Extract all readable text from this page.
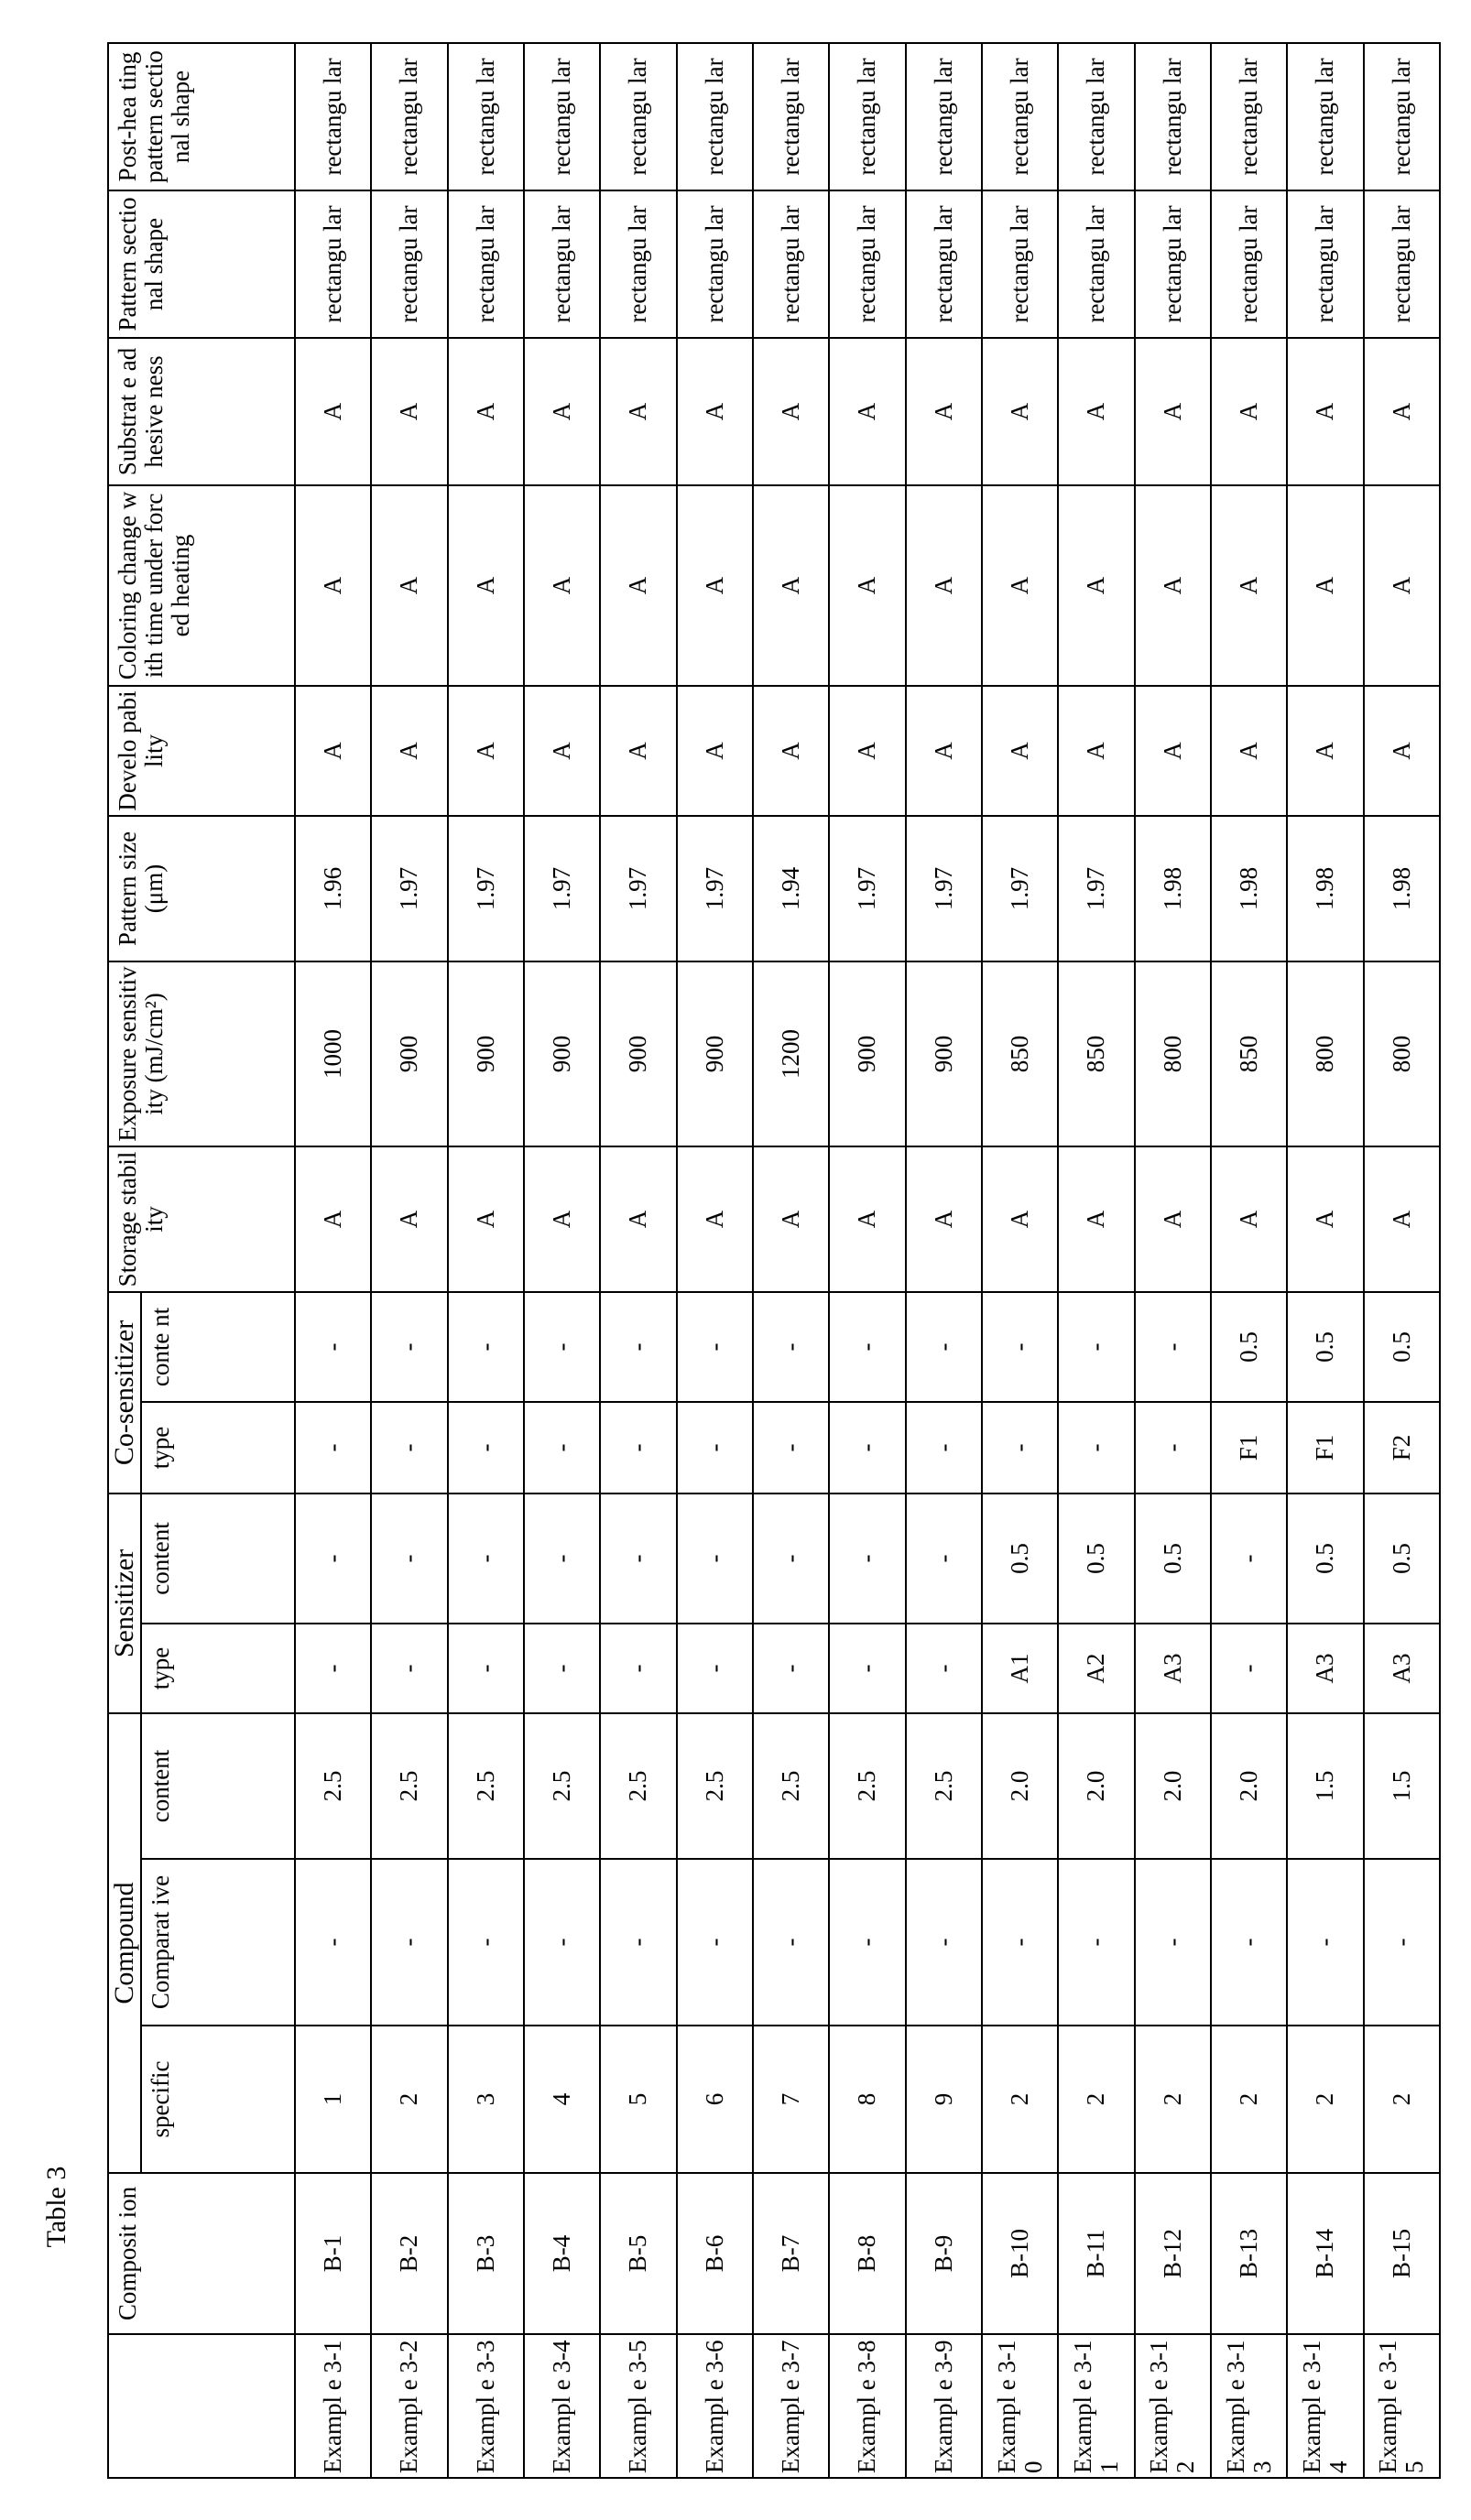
Table 3
	Composit ion	Compound	Sensitizer	Co-sensitizer	Storage stability	Exposure sensitivity (mJ/cm²)	Pattern size (μm)	Develo pability	Coloring change with time under forced heating	Substrat e adhesive ness	Pattern sectional shape	Post-hea ting pattern sectional shape
specific	Comparat ive	content	type	content	type	conte nt
Exampl e 3-1	B-1	1	-	2.5	-	-	-	-	A	1000	1.96	A	A	A	rectangu lar	rectangu lar
Exampl e 3-2	B-2	2	-	2.5	-	-	-	-	A	900	1.97	A	A	A	rectangu lar	rectangu lar
Exampl e 3-3	B-3	3	-	2.5	-	-	-	-	A	900	1.97	A	A	A	rectangu lar	rectangu lar
Exampl e 3-4	B-4	4	-	2.5	-	-	-	-	A	900	1.97	A	A	A	rectangu lar	rectangu lar
Exampl e 3-5	B-5	5	-	2.5	-	-	-	-	A	900	1.97	A	A	A	rectangu lar	rectangu lar
Exampl e 3-6	B-6	6	-	2.5	-	-	-	-	A	900	1.97	A	A	A	rectangu lar	rectangu lar
Exampl e 3-7	B-7	7	-	2.5	-	-	-	-	A	1200	1.94	A	A	A	rectangu lar	rectangu lar
Exampl e 3-8	B-8	8	-	2.5	-	-	-	-	A	900	1.97	A	A	A	rectangu lar	rectangu lar
Exampl e 3-9	B-9	9	-	2.5	-	-	-	-	A	900	1.97	A	A	A	rectangu lar	rectangu lar
Exampl e 3-10	B-10	2	-	2.0	A1	0.5	-	-	A	850	1.97	A	A	A	rectangu lar	rectangu lar
Exampl e 3-11	B-11	2	-	2.0	A2	0.5	-	-	A	850	1.97	A	A	A	rectangu lar	rectangu lar
Exampl e 3-12	B-12	2	-	2.0	A3	0.5	-	-	A	800	1.98	A	A	A	rectangu lar	rectangu lar
Exampl e 3-13	B-13	2	-	2.0	-	-	F1	0.5	A	850	1.98	A	A	A	rectangu lar	rectangu lar
Exampl e 3-14	B-14	2	-	1.5	A3	0.5	F1	0.5	A	800	1.98	A	A	A	rectangu lar	rectangu lar
Exampl e 3-15	B-15	2	-	1.5	A3	0.5	F2	0.5	A	800	1.98	A	A	A	rectangu lar	rectangu lar
